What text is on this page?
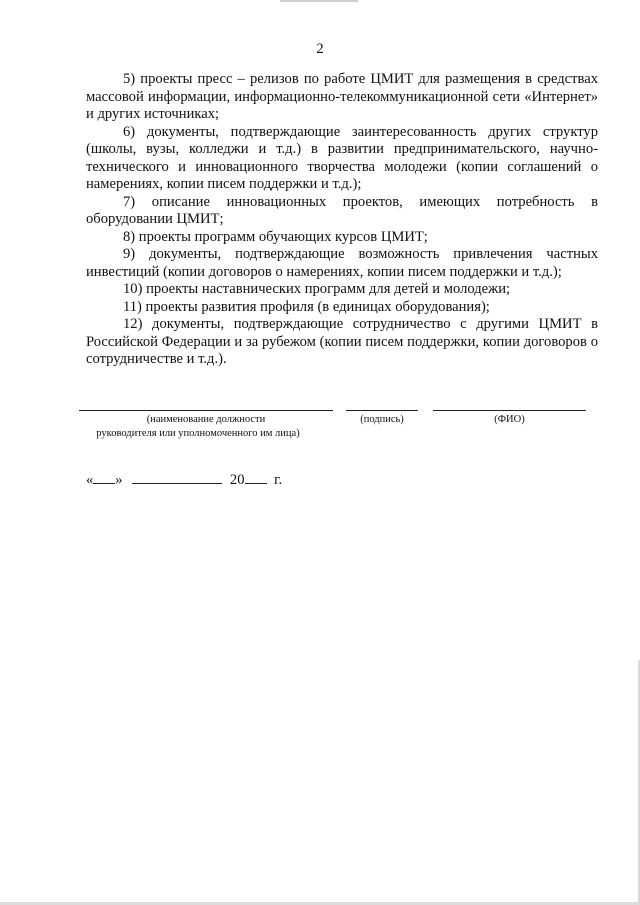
2

5) проекты пресс – релизов по работе ЦМИТ для размещения в средствах массовой информации, информационно-телекоммуникационной сети «Интернет» и других источниках;

6) документы, подтверждающие заинтересованность других структур (школы, вузы, колледжи и т.д.) в развитии предпринимательского, научно-технического и инновационного творчества молодежи (копии соглашений о намерениях, копии писем поддержки и т.д.);

7) описание инновационных проектов, имеющих потребность в оборудовании ЦМИТ;

8) проекты программ обучающих курсов ЦМИТ;

9) документы, подтверждающие возможность привлечения частных инвестиций (копии договоров о намерениях, копии писем поддержки и т.д.);

10) проекты наставнических программ для детей и молодежи;

11) проекты развития профиля (в единицах оборудования);

12) документы, подтверждающие сотрудничество с другими ЦМИТ в Российской Федерации и за рубежом (копии писем поддержки, копии договоров о сотрудничестве и т.д.).

(наименование должности
руководителя или уполномоченного им лица)
(подпись)	(ФИО)
« »	20 г.
